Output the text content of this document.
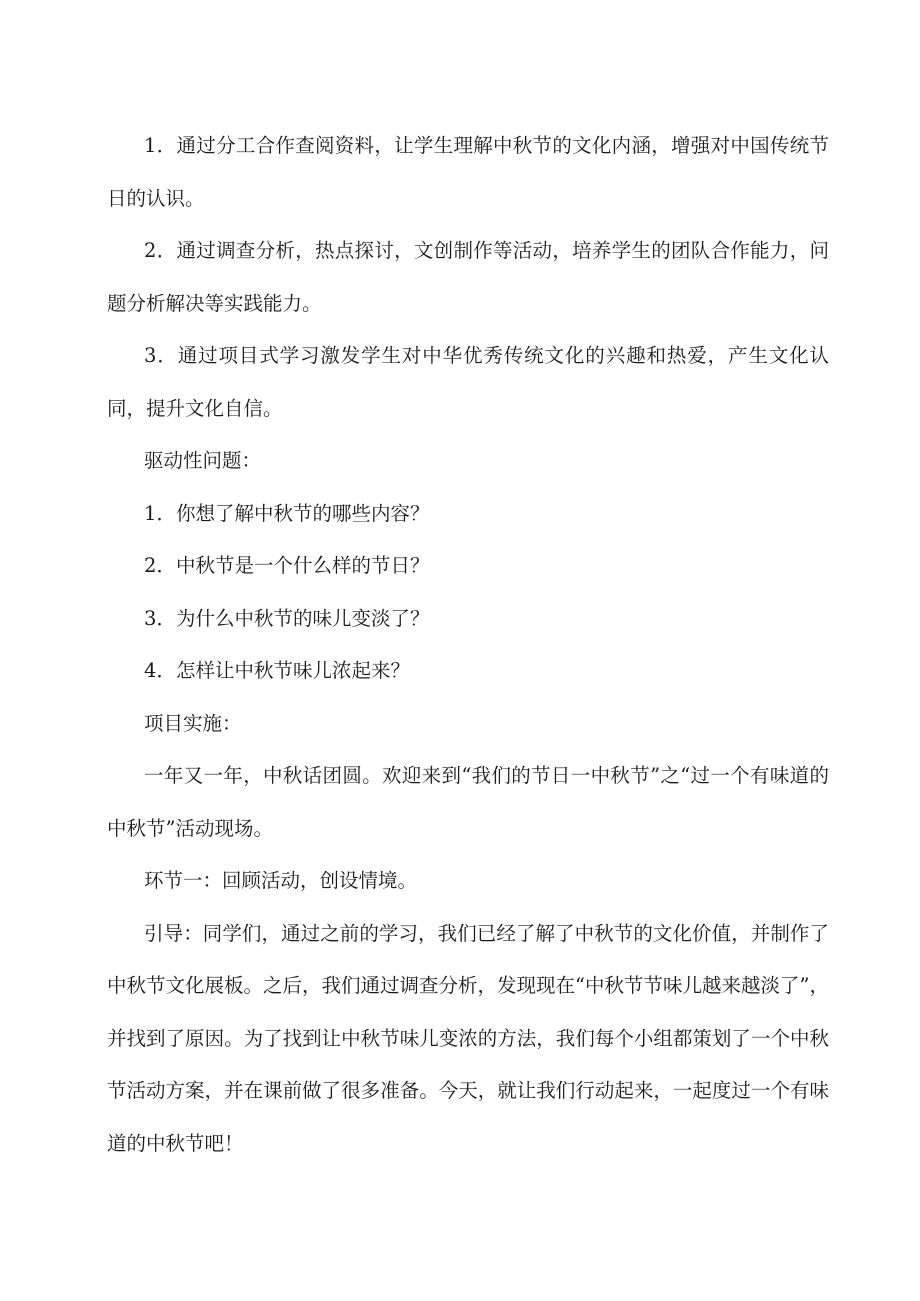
1．通过分工合作查阅资料，让学生理解中秋节的文化内涵，增强对中国传统节日的认识。

2．通过调查分析，热点探讨，文创制作等活动，培养学生的团队合作能力，问题分析解决等实践能力。

3．通过项目式学习激发学生对中华优秀传统文化的兴趣和热爱，产生文化认同，提升文化自信。

驱动性问题：

1．你想了解中秋节的哪些内容？

2．中秋节是一个什么样的节日？

3．为什么中秋节的味儿变淡了？

4．怎样让中秋节味儿浓起来？

项目实施：

一年又一年，中秋话团圆。欢迎来到“我们的节日一中秋节”之“过一个有味道的中秋节”活动现场。

环节一：回顾活动，创设情境。

引导：同学们，通过之前的学习，我们已经了解了中秋节的文化价值，并制作了中秋节文化展板。之后，我们通过调查分析，发现现在“中秋节节味儿越来越淡了”，并找到了原因。为了找到让中秋节味儿变浓的方法，我们每个小组都策划了一个中秋节活动方案，并在课前做了很多准备。今天，就让我们行动起来，一起度过一个有味道的中秋节吧！
